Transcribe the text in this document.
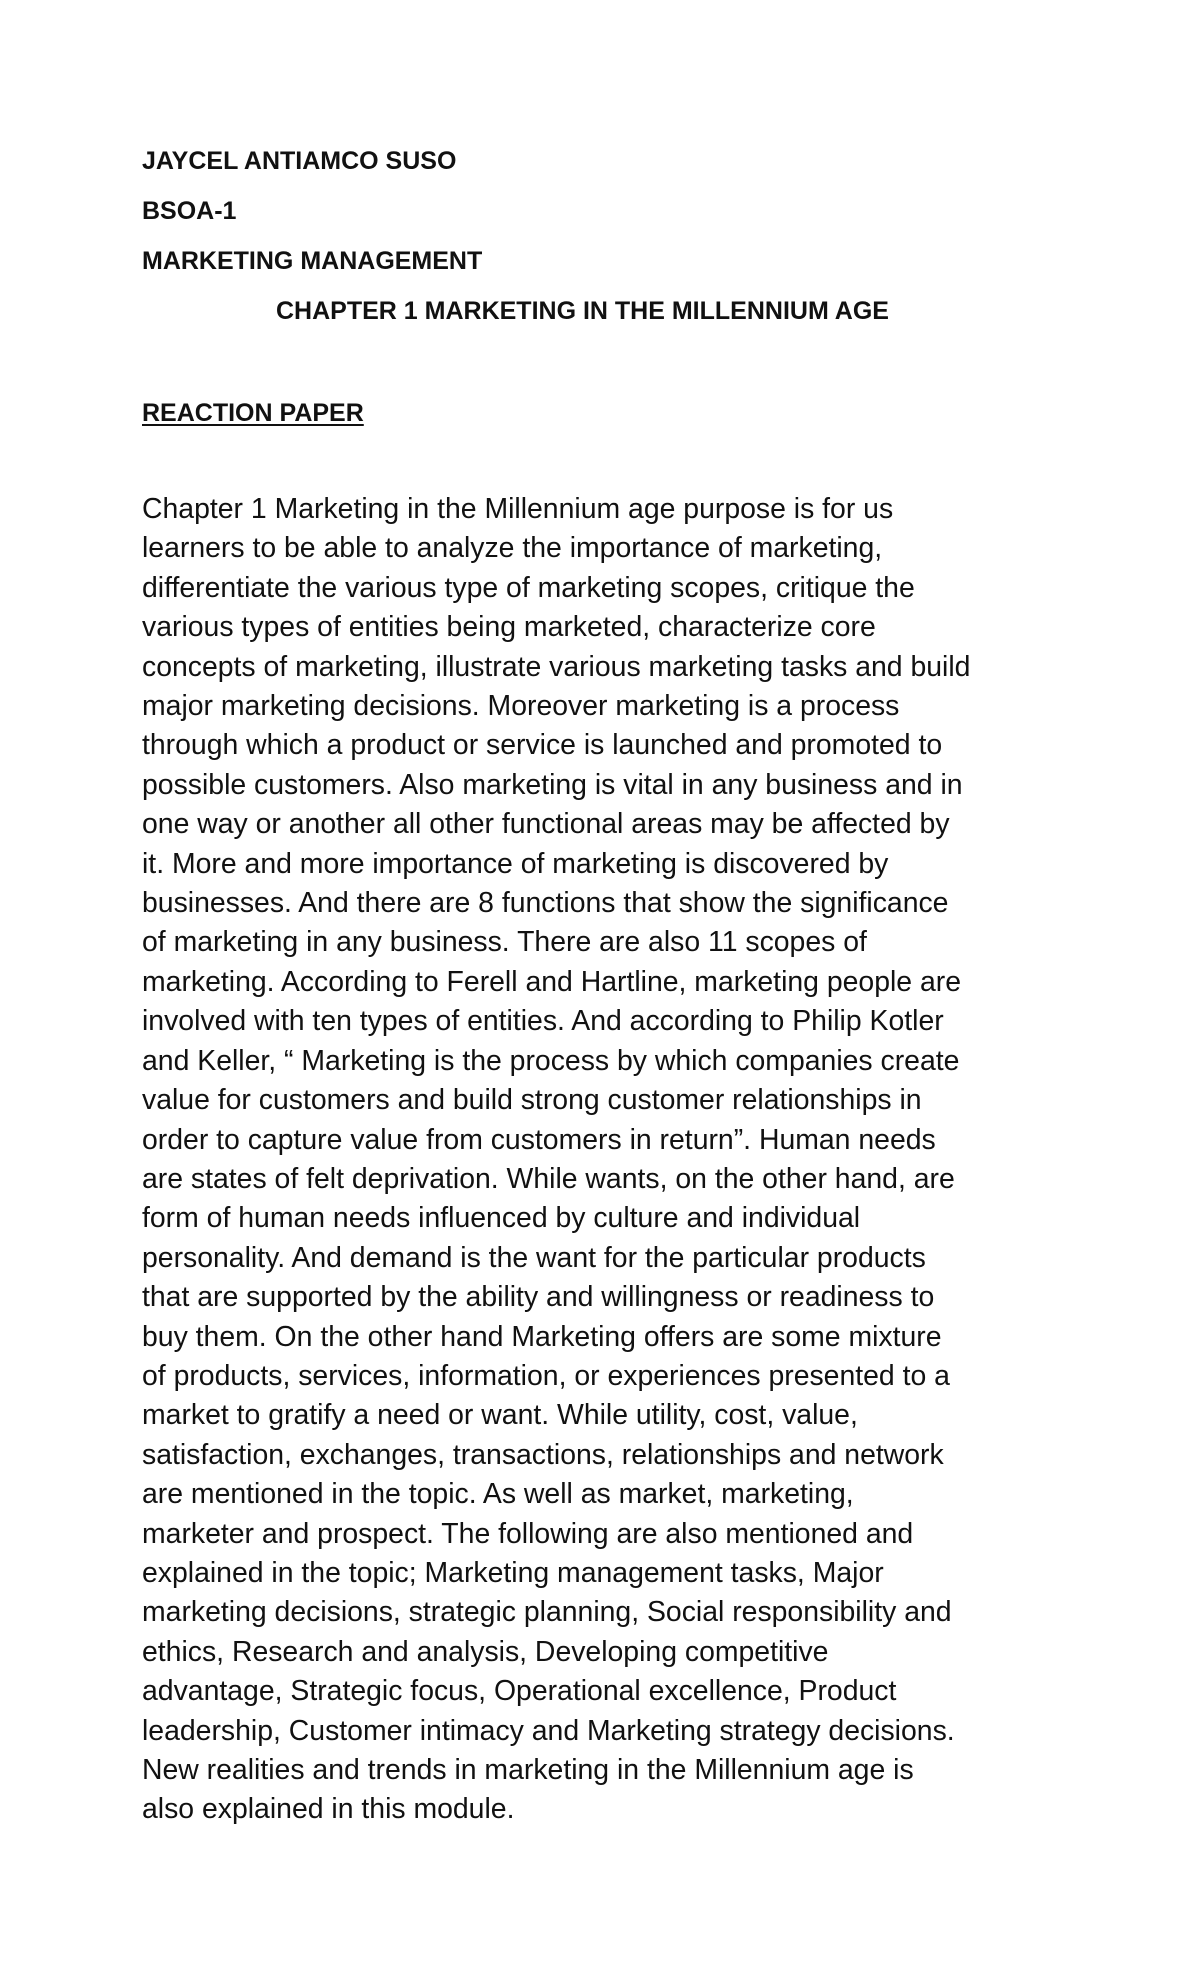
JAYCEL ANTIAMCO SUSO
BSOA-1
MARKETING MANAGEMENT
CHAPTER 1 MARKETING IN THE MILLENNIUM AGE
REACTION PAPER
Chapter 1 Marketing in the Millennium age purpose is for us
learners to be able to analyze the importance of marketing,
differentiate the various type of marketing scopes, critique the
various types of entities being marketed, characterize core
concepts of marketing, illustrate various marketing tasks and build
major marketing decisions. Moreover marketing is a process
through which a product or service is launched and promoted to
possible customers. Also marketing is vital in any business and in
one way or another all other functional areas may be affected by
it. More and more importance of marketing is discovered by
businesses. And there are 8 functions that show the significance
of marketing in any business. There are also 11 scopes of
marketing. According to Ferell and Hartline, marketing people are
involved with ten types of entities. And according to Philip Kotler
and Keller, “ Marketing is the process by which companies create
value for customers and build strong customer relationships in
order to capture value from customers in return”. Human needs
are states of felt deprivation. While wants, on the other hand, are
form of human needs influenced by culture and individual
personality. And demand is the want for the particular products
that are supported by the ability and willingness or readiness to
buy them. On the other hand Marketing offers are some mixture
of products, services, information, or experiences presented to a
market to gratify a need or want. While utility, cost, value,
satisfaction, exchanges, transactions, relationships and network
are mentioned in the topic. As well as market, marketing,
marketer and prospect. The following are also mentioned and
explained in the topic; Marketing management tasks, Major
marketing decisions, strategic planning, Social responsibility and
ethics, Research and analysis, Developing competitive
advantage, Strategic focus, Operational excellence, Product
leadership, Customer intimacy and Marketing strategy decisions.
New realities and trends in marketing in the Millennium age is
also explained in this module.
